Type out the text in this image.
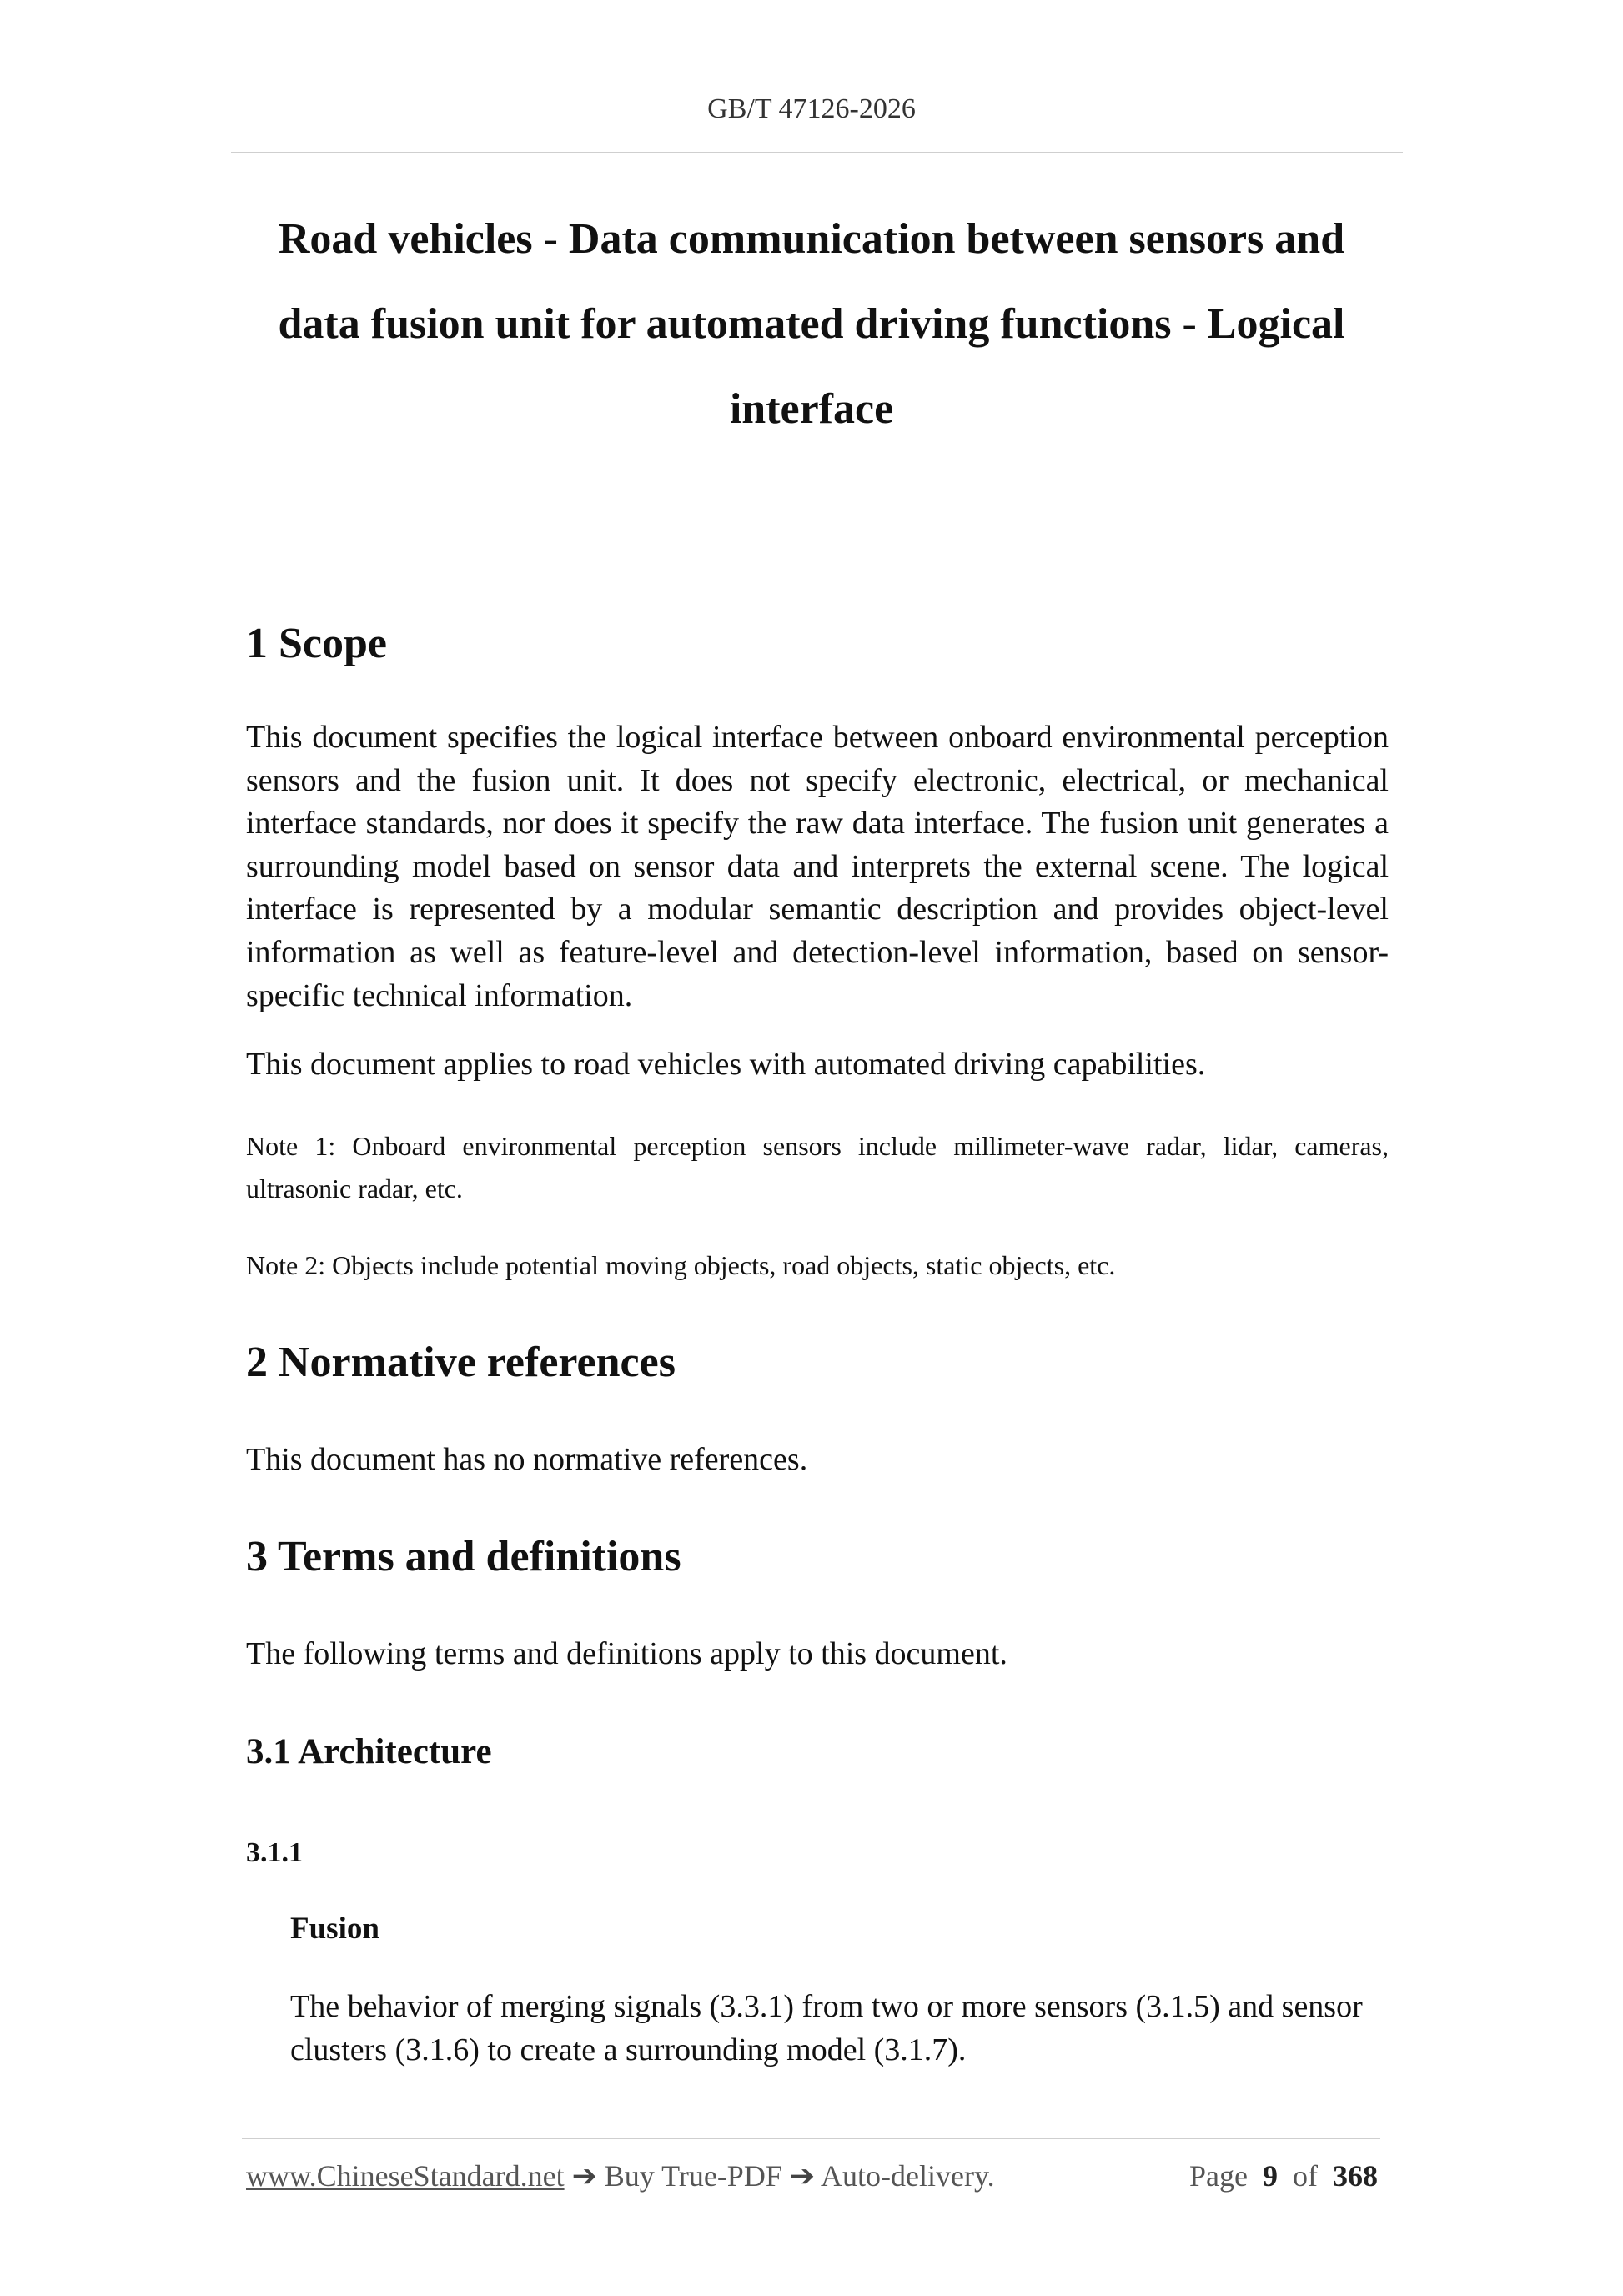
GB/T 47126-2026
Road vehicles - Data communication between sensors and
data fusion unit for automated driving functions - Logical
interface
1 Scope

This document specifies the logical interface between onboard environmental perception sensors and the fusion unit. It does not specify electronic, electrical, or mechanical interface standards, nor does it specify the raw data interface. The fusion unit generates a surrounding model based on sensor data and interprets the external scene. The logical interface is represented by a modular semantic description and provides object-level information as well as feature-level and detection-level information, based on sensor-specific technical information.

This document applies to road vehicles with automated driving capabilities.

Note 1: Onboard environmental perception sensors include millimeter-wave radar, lidar, cameras, ultrasonic radar, etc.

Note 2: Objects include potential moving objects, road objects, static objects, etc.

2 Normative references

This document has no normative references.

3 Terms and definitions

The following terms and definitions apply to this document.

3.1 Architecture
3.1.1
Fusion

The behavior of merging signals (3.3.1) from two or more sensors (3.1.5) and sensor clusters (3.1.6) to create a surrounding model (3.1.7).

www.ChineseStandard.net ➔ Buy True-PDF ➔ Auto-delivery.	Page 9 of 368
